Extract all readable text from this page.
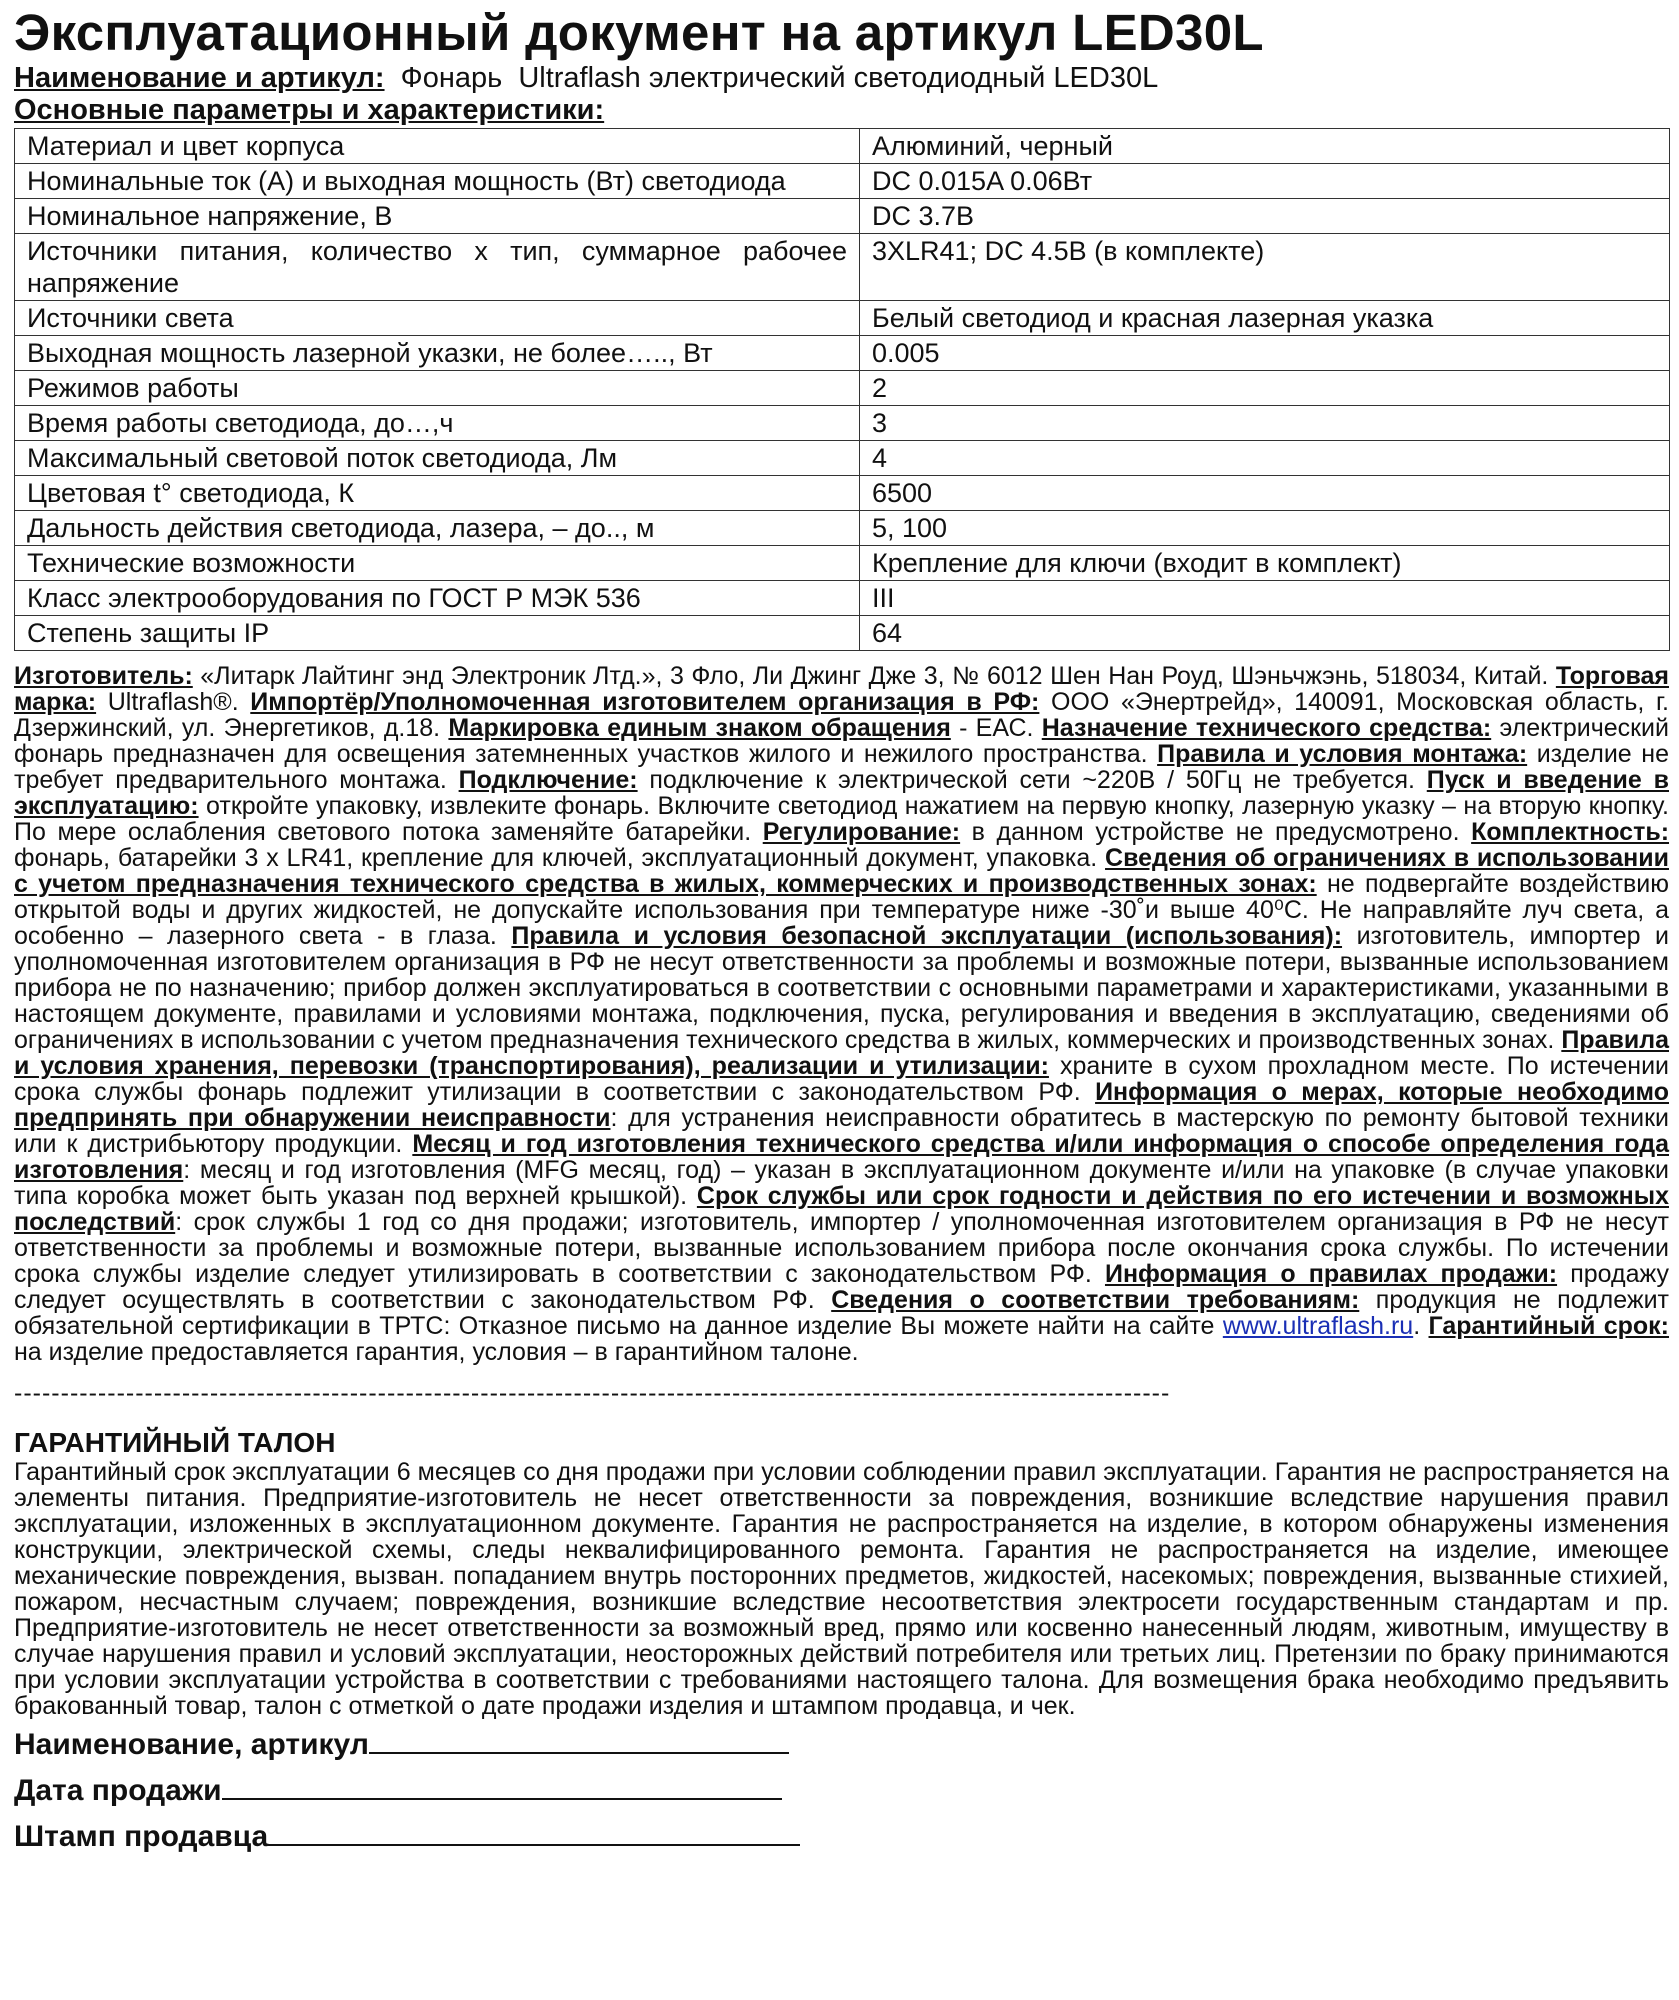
Эксплуатационный документ на артикул LED30L
Наименование и артикул:  Фонарь  Ultraflash электрический светодиодный LED30L
Основные параметры и характеристики:
Материал и цвет корпуса	Алюминий, черный
Номинальные ток (А) и выходная мощность (Вт) светодиода	DC 0.015A 0.06Вт
Номинальное напряжение, В	DC 3.7В
Источники питания, количество х тип, суммарное рабочее напряжение	3XLR41; DC 4.5В (в комплекте)
Источники света	Белый светодиод и красная лазерная указка
Выходная мощность лазерной указки, не более….., Вт	0.005
Режимов работы	2
Время работы светодиода, до…,ч	3
Максимальный световой поток светодиода, Лм	4
Цветовая t° светодиода, К	6500
Дальность действия светодиода, лазера, – до.., м	5, 100
Технические возможности	Крепление для ключи (входит в комплект)
Класс электрооборудования по ГОСТ Р МЭК 536	III
Степень защиты IP	64
Изготовитель: «Литарк Лайтинг энд Электроник Лтд.», 3 Фло, Ли Джинг Дже 3, № 6012 Шен Нан Роуд, Шэньчжэнь, 518034, Китай. Торговая марка: Ultraflash®. Импортёр/Уполномоченная изготовителем организация в РФ: ООО «Энертрейд», 140091, Московская область, г. Дзержинский, ул. Энергетиков, д.18. Маркировка единым знаком обращения - ЕАС. Назначение технического средства: электрический фонарь предназначен для освещения затемненных участков жилого и нежилого пространства. Правила и условия монтажа: изделие не требует предварительного монтажа. Подключение: подключение к электрической сети ~220В / 50Гц не требуется. Пуск и введение в эксплуатацию: откройте упаковку, извлеките фонарь. Включите светодиод нажатием на первую кнопку, лазерную указку – на вторую кнопку. По мере ослабления светового потока заменяйте батарейки. Регулирование: в данном устройстве не предусмотрено. Комплектность: фонарь, батарейки 3 х LR41, крепление для ключей, эксплуатационный документ, упаковка. Сведения об ограничениях в использовании с учетом предназначения технического средства в жилых, коммерческих и производственных зонах: не подвергайте воздействию открытой воды и других жидкостей, не допускайте использования при температуре ниже -30˚и выше 40⁰С. Не направляйте луч света, а особенно – лазерного света - в глаза. Правила и условия безопасной эксплуатации (использования): изготовитель, импортер и уполномоченная изготовителем организация в РФ не несут ответственности за проблемы и возможные потери, вызванные использованием прибора не по назначению; прибор должен эксплуатироваться в соответствии с основными параметрами и характеристиками, указанными в настоящем документе, правилами и условиями монтажа, подключения, пуска, регулирования и введения в эксплуатацию, сведениями об ограничениях в использовании с учетом предназначения технического средства в жилых, коммерческих и производственных зонах. Правила и условия хранения, перевозки (транспортирования), реализации и утилизации: храните в сухом прохладном месте. По истечении срока службы фонарь подлежит утилизации в соответствии с законодательством РФ. Информация о мерах, которые необходимо предпринять при обнаружении неисправности: для устранения неисправности обратитесь в мастерскую по ремонту бытовой техники или к дистрибьютору продукции. Месяц и год изготовления технического средства и/или информация о способе определения года изготовления: месяц и год изготовления (MFG месяц, год) – указан в эксплуатационном документе и/или на упаковке (в случае упаковки типа коробка может быть указан под верхней крышкой). Срок службы или срок годности и действия по его истечении и возможных последствий: срок службы 1 год со дня продажи; изготовитель, импортер / уполномоченная изготовителем организация в РФ не несут ответственности за проблемы и возможные потери, вызванные использованием прибора после окончания срока службы. По истечении срока службы изделие следует утилизировать в соответствии с законодательством РФ. Информация о правилах продажи: продажу следует осуществлять в соответствии с законодательством РФ. Сведения о соответствии требованиям: продукция не подлежит обязательной сертификации в ТРТС: Отказное письмо на данное изделие Вы можете найти на сайте www.ultraflash.ru. Гарантийный срок: на изделие предоставляется гарантия, условия – в гарантийном талоне.
----------------------------------------------------------------------------------------------------------------------------
ГАРАНТИЙНЫЙ ТАЛОН
Гарантийный срок эксплуатации 6 месяцев со дня продажи при условии соблюдении правил эксплуатации. Гарантия не распространяется на элементы питания. Предприятие-изготовитель не несет ответственности за повреждения, возникшие вследствие нарушения правил эксплуатации, изложенных в эксплуатационном документе. Гарантия не распространяется на изделие, в котором обнаружены изменения конструкции, электрической схемы, следы неквалифицированного ремонта. Гарантия не распространяется на изделие, имеющее механические повреждения, вызван. попаданием внутрь посторонних предметов, жидкостей, насекомых; повреждения, вызванные стихией, пожаром, несчастным случаем; повреждения, возникшие вследствие несоответствия электросети государственным стандартам и пр. Предприятие-изготовитель не несет ответственности за возможный вред, прямо или косвенно нанесенный людям, животным, имуществу в случае нарушения правил и условий эксплуатации, неосторожных действий потребителя или третьих лиц. Претензии по браку принимаются при условии эксплуатации устройства в соответствии с требованиями настоящего талона. Для возмещения брака необходимо предъявить бракованный товар, талон с отметкой о дате продажи изделия и штампом продавца, и чек.
Наименование, артикул
Дата продажи
Штамп продавца
